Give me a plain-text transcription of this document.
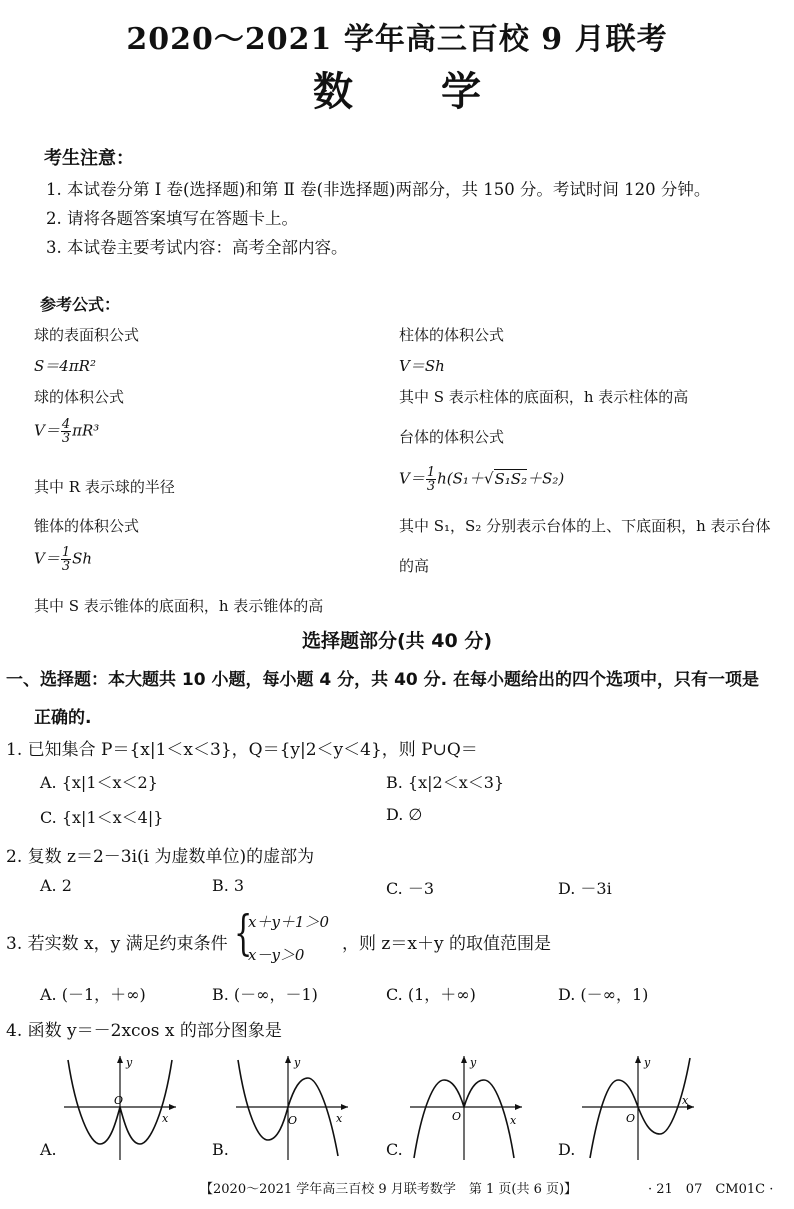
2020～2021 学年高三百校 9 月联考
数 学
考生注意：
1. 本试卷分第 Ⅰ 卷(选择题)和第 Ⅱ 卷(非选择题)两部分，共 150 分。考试时间 120 分钟。
2. 请将各题答案填写在答题卡上。
3. 本试卷主要考试内容：高考全部内容。
参考公式：
球的表面积公式	柱体的体积公式
S＝4πR²	V＝Sh
球的体积公式	其中 S 表示柱体的底面积，h 表示柱体的高
$V= \frac{4}{3} \pi R^3$	台体的体积公式
其中 R 表示球的半径	$V= \frac{1}{3} h(S_1+√S_1S_2+S_2)$
锥体的体积公式	其中 S₁，S₂ 分别表示台体的上、下底面积，h 表示台体
$V= \frac{1}{3}$ Sh	的高
其中 S 表示锥体的底面积，h 表示锥体的高
选择题部分(共 40 分)
一、选择题：本大题共 10 小题，每小题 4 分，共 40 分. 在每小题给出的四个选项中，只有一项是
正确的.
1. 已知集合 P＝{x|1＜x＜3}，Q＝{y|2＜y＜4}，则 P∪Q＝
A. {x|1＜x＜2}	B. {x|2＜x＜3}
C. {x|1＜x＜4|}	D. ∅
2. 复数 z＝2－3i(i 为虚数单位)的虚部为
A. 2	B. 3	C. －3	D. －3i
3. 若实数 x，y 满足约束条件 {
x＋y＋1＞0
x－y＞0
，则 z＝x＋y 的取值范围是
A. (－1，＋∞)	B. (－∞，－1)	C. (1，＋∞)	D. (－∞，1)
4. 函数 y＝－2xcos x 的部分图象是
O
x
y
A.
O	x
y
B.
O	x
y
C.
O
x
y
D.
【2020～2021 学年高三百校 9 月联考数学　第 1 页(共 6 页)】	· 21　07　CM01C ·
